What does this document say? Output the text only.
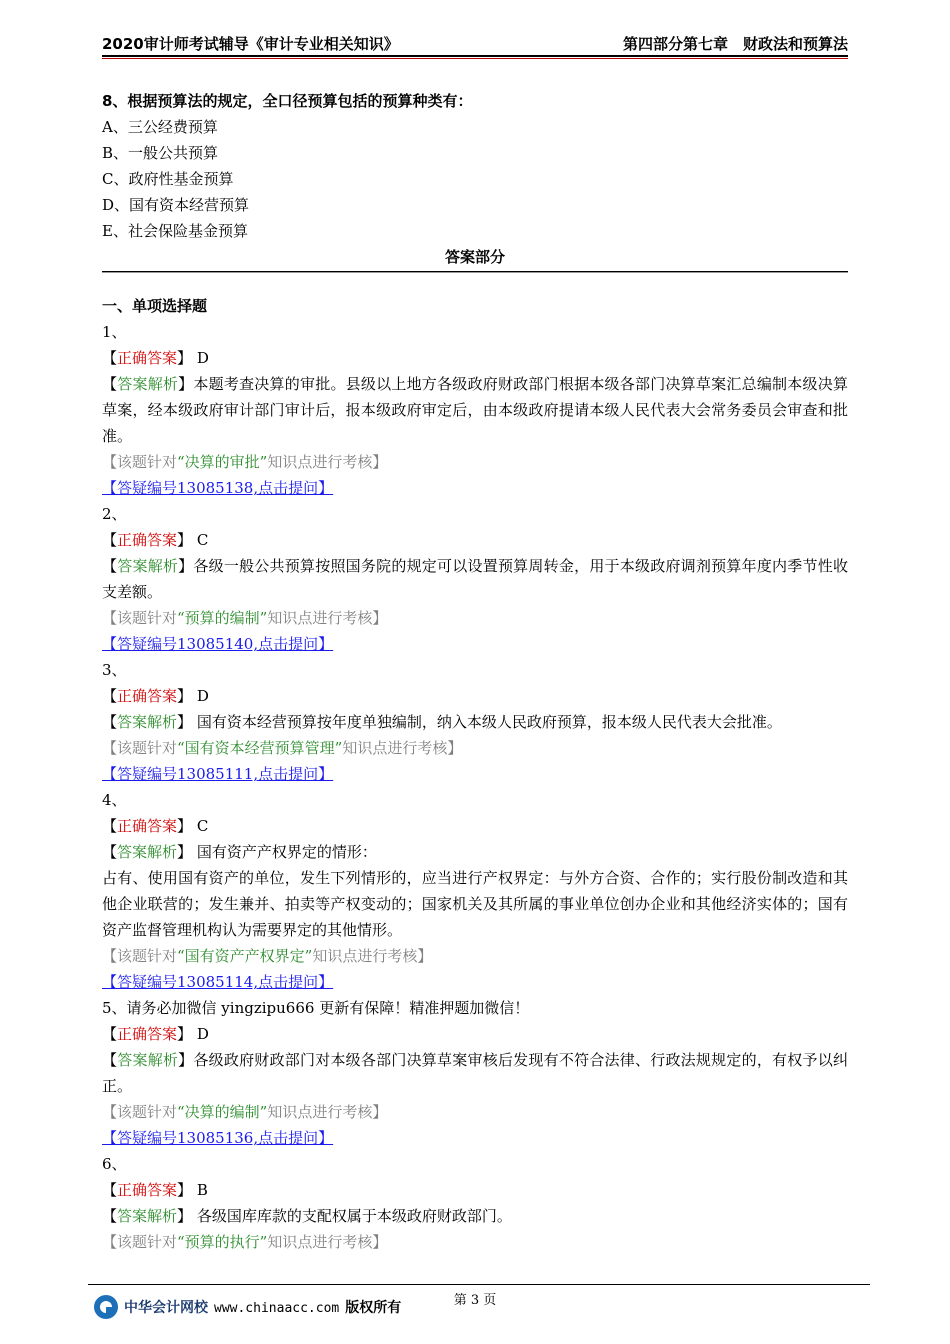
2020审计师考试辅导《审计专业相关知识》	第四部分第七章　财政法和预算法
8、根据预算法的规定，全口径预算包括的预算种类有：
A、三公经费预算
B、一般公共预算
C、政府性基金预算
D、国有资本经营预算
E、社会保险基金预算
答案部分
一、单项选择题
1、
【正确答案】 D
【答案解析】本题考查决算的审批。县级以上地方各级政府财政部门根据本级各部门决算草案汇总编制本级决算草案，经本级政府审计部门审计后，报本级政府审定后，由本级政府提请本级人民代表大会常务委员会审查和批准。
【该题针对“决算的审批”知识点进行考核】
【答疑编号13085138,点击提问】
2、
【正确答案】 C
【答案解析】各级一般公共预算按照国务院的规定可以设置预算周转金，用于本级政府调剂预算年度内季节性收支差额。
【该题针对“预算的编制”知识点进行考核】
【答疑编号13085140,点击提问】
3、
【正确答案】 D
【答案解析】 国有资本经营预算按年度单独编制，纳入本级人民政府预算，报本级人民代表大会批准。
【该题针对“国有资本经营预算管理”知识点进行考核】
【答疑编号13085111,点击提问】
4、
【正确答案】 C
【答案解析】 国有资产产权界定的情形：
占有、使用国有资产的单位，发生下列情形的，应当进行产权界定：与外方合资、合作的；实行股份制改造和其他企业联营的；发生兼并、拍卖等产权变动的；国家机关及其所属的事业单位创办企业和其他经济实体的；国有资产监督管理机构认为需要界定的其他情形。
【该题针对“国有资产产权界定”知识点进行考核】
【答疑编号13085114,点击提问】
5、请务必加微信 yingzipu666 更新有保障！精准押题加微信！
【正确答案】 D
【答案解析】各级政府财政部门对本级各部门决算草案审核后发现有不符合法律、行政法规规定的，有权予以纠正。
【该题针对“决算的编制”知识点进行考核】
【答疑编号13085136,点击提问】
6、
【正确答案】 B
【答案解析】 各级国库库款的支配权属于本级政府财政部门。
【该题针对“预算的执行”知识点进行考核】
第 3 页
中华会计网校 www.chinaacc.com 版权所有
